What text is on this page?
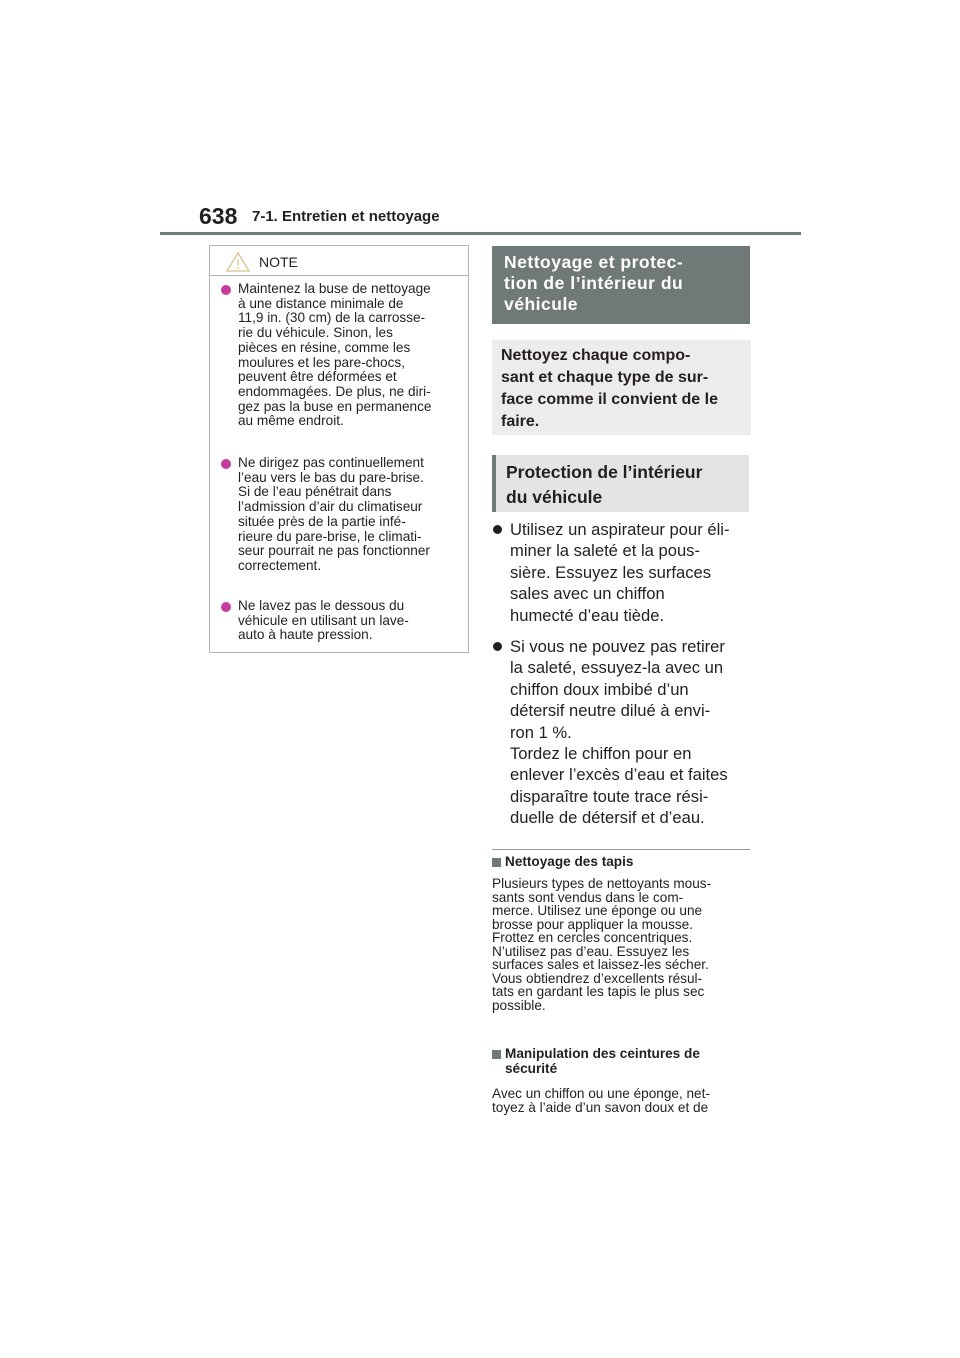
638 7-1. Entretien et nettoyage
NOTE
Maintenez la buse de nettoyage
à une distance minimale de
11,9 in. (30 cm) de la carrosse-
rie du véhicule. Sinon, les
pièces en résine, comme les
moulures et les pare-chocs,
peuvent être déformées et
endommagées. De plus, ne diri-
gez pas la buse en permanence
au même endroit.
Ne dirigez pas continuellement
l’eau vers le bas du pare-brise.
Si de l’eau pénétrait dans
l’admission d’air du climatiseur
située près de la partie infé-
rieure du pare-brise, le climati-
seur pourrait ne pas fonctionner
correctement.
Ne lavez pas le dessous du
véhicule en utilisant un lave-
auto à haute pression.
Nettoyage et protec-
tion de l’intérieur du
véhicule
Nettoyez chaque compo-
sant et chaque type de sur-
face comme il convient de le
faire.
Protection de l’intérieur
du véhicule
Utilisez un aspirateur pour éli-
miner la saleté et la pous-
sière. Essuyez les surfaces
sales avec un chiffon
humecté d’eau tiède.
Si vous ne pouvez pas retirer
la saleté, essuyez-la avec un
chiffon doux imbibé d’un
détersif neutre dilué à envi-
ron 1 %.
Tordez le chiffon pour en
enlever l’excès d’eau et faites
disparaître toute trace rési-
duelle de détersif et d’eau.
Nettoyage des tapis
Plusieurs types de nettoyants mous-
sants sont vendus dans le com-
merce. Utilisez une éponge ou une
brosse pour appliquer la mousse.
Frottez en cercles concentriques.
N’utilisez pas d’eau. Essuyez les
surfaces sales et laissez-les sécher.
Vous obtiendrez d’excellents résul-
tats en gardant les tapis le plus sec
possible.
Manipulation des ceintures de
sécurité
Avec un chiffon ou une éponge, net-
toyez à l’aide d’un savon doux et de
